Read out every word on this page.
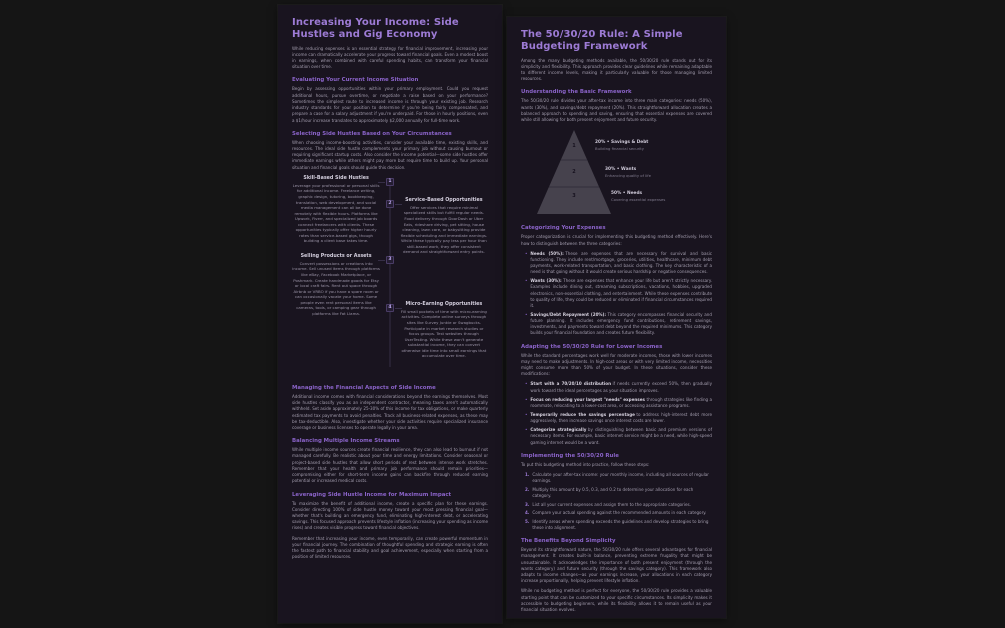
Increasing Your Income: Side Hustles and Gig Economy

While reducing expenses is an essential strategy for financial improvement, increasing your income can dramatically accelerate your progress toward financial goals. Even a modest boost in earnings, when combined with careful spending habits, can transform your financial situation over time.

Evaluating Your Current Income Situation

Begin by assessing opportunities within your primary employment. Could you request additional hours, pursue overtime, or negotiate a raise based on your performance? Sometimes the simplest route to increased income is through your existing job. Research industry standards for your position to determine if you're being fairly compensated, and prepare a case for a salary adjustment if you're underpaid. For those in hourly positions, even a $1/hour increase translates to approximately $2,000 annually for full-time work.

Selecting Side Hustles Based on Your Circumstances

When choosing income-boosting activities, consider your available time, existing skills, and resources. The ideal side hustle complements your primary job without causing burnout or requiring significant startup costs. Also consider the income potential—some side hustles offer immediate earnings while others might pay more but require time to build up. Your personal situation and financial goals should guide this decision.

1
2
3
4
Skill-Based Side Hustles
Leverage your professional or personal skills for additional income. Freelance writing, graphic design, tutoring, bookkeeping, translation, web development, and social media management can all be done remotely with flexible hours. Platforms like Upwork, Fiverr, and specialized job boards connect freelancers with clients. These opportunities typically offer higher hourly rates than service-based gigs, though building a client base takes time.
Service-Based Opportunities
Offer services that require minimal specialized skills but fulfill regular needs. Food delivery through DoorDash or Uber Eats, rideshare driving, pet sitting, house cleaning, lawn care, or babysitting provide flexible scheduling and immediate earnings. While these typically pay less per hour than skill-based work, they offer consistent demand and straightforward entry points.
Selling Products or Assets
Convert possessions or creations into income. Sell unused items through platforms like eBay, Facebook Marketplace, or Poshmark. Create handmade goods for Etsy or local craft fairs. Rent out space through Airbnb or VRBO if you have a spare room or can occasionally vacate your home. Some people even rent personal items like cameras, tools, or camping gear through platforms like Fat Llama.
Micro-Earning Opportunities
Fill small pockets of time with micro-earning activities. Complete online surveys through sites like Survey Junkie or Swagbucks. Participate in market research studies or focus groups. Test websites through UserTesting. While these won't generate substantial income, they can convert otherwise idle time into small earnings that accumulate over time.
Managing the Financial Aspects of Side Income

Additional income comes with financial considerations beyond the earnings themselves. Most side hustles classify you as an independent contractor, meaning taxes aren't automatically withheld. Set aside approximately 25-30% of this income for tax obligations, or make quarterly estimated tax payments to avoid penalties. Track all business-related expenses, as these may be tax-deductible. Also, investigate whether your side activities require specialized insurance coverage or business licenses to operate legally in your area.

Balancing Multiple Income Streams

While multiple income sources create financial resilience, they can also lead to burnout if not managed carefully. Be realistic about your time and energy limitations. Consider seasonal or project-based side hustles that allow short periods of rest between intense work stretches. Remember that your health and primary job performance should remain priorities—compromising either for short-term income gains can backfire through reduced earning potential or increased medical costs.

Leveraging Side Hustle Income for Maximum Impact

To maximize the benefit of additional income, create a specific plan for these earnings. Consider directing 100% of side hustle money toward your most pressing financial goal—whether that's building an emergency fund, eliminating high-interest debt, or accelerating savings. This focused approach prevents lifestyle inflation (increasing your spending as income rises) and creates visible progress toward financial objectives.

Remember that increasing your income, even temporarily, can create powerful momentum in your financial journey. The combination of thoughtful spending and strategic earning is often the fastest path to financial stability and goal achievement, especially when starting from a position of limited resources.

The 50/30/20 Rule: A Simple Budgeting Framework

Among the many budgeting methods available, the 50/30/20 rule stands out for its simplicity and flexibility. This approach provides clear guidelines while remaining adaptable to different income levels, making it particularly valuable for those managing limited resources.

Understanding the Basic Framework

The 50/30/20 rule divides your after-tax income into three main categories: needs (50%), wants (30%), and savings/debt repayment (20%). This straightforward allocation creates a balanced approach to spending and saving, ensuring that essential expenses are covered while still allowing for both present enjoyment and future security.

1
2
3
20% • Savings & Debt
Building financial security
30% • Wants
Enhancing quality of life
50% • Needs
Covering essential expenses
Categorizing Your Expenses

Proper categorization is crucial for implementing this budgeting method effectively. Here's how to distinguish between the three categories:

• Needs (50%): These are expenses that are necessary for survival and basic functioning. They include rent/mortgage, groceries, utilities, healthcare, minimum debt payments, work-related transportation, and basic clothing. The key characteristic of a need is that going without it would create serious hardship or negative consequences.
• Wants (30%): These are expenses that enhance your life but aren't strictly necessary. Examples include dining out, streaming subscriptions, vacations, hobbies, upgraded electronics, non-essential clothing, and entertainment. While these expenses contribute to quality of life, they could be reduced or eliminated if financial circumstances required it.
• Savings/Debt Repayment (20%): This category encompasses financial security and future planning. It includes emergency fund contributions, retirement savings, investments, and payments toward debt beyond the required minimums. This category builds your financial foundation and creates future flexibility.
Adapting the 50/30/20 Rule for Lower Incomes

While the standard percentages work well for moderate incomes, those with lower incomes may need to make adjustments. In high-cost areas or with very limited income, necessities might consume more than 50% of your budget. In these situations, consider these modifications:

• Start with a 70/20/10 distribution if needs currently exceed 50%, then gradually work toward the ideal percentages as your situation improves.
• Focus on reducing your largest "needs" expenses through strategies like finding a roommate, relocating to a lower-cost area, or accessing assistance programs.
• Temporarily reduce the savings percentage to address high-interest debt more aggressively, then increase savings once interest costs are lower.
• Categorize strategically by distinguishing between basic and premium versions of necessary items. For example, basic internet service might be a need, while high-speed gaming internet would be a want.
Implementing the 50/30/20 Rule

To put this budgeting method into practice, follow these steps:

1. Calculate your after-tax income: your monthly income, including all sources of regular earnings.
2. Multiply this amount by 0.5, 0.3, and 0.2 to determine your allocation for each category.
3. List all your current expenses and assign them to the appropriate categories.
4. Compare your actual spending against the recommended amounts in each category.
5. Identify areas where spending exceeds the guidelines and develop strategies to bring these into alignment.
The Benefits Beyond Simplicity

Beyond its straightforward nature, the 50/30/20 rule offers several advantages for financial management. It creates built-in balance, preventing extreme frugality that might be unsustainable. It acknowledges the importance of both present enjoyment (through the wants category) and future security (through the savings category). This framework also adapts to income changes—as your earnings increase, your allocations in each category increase proportionally, helping prevent lifestyle inflation.

While no budgeting method is perfect for everyone, the 50/30/20 rule provides a valuable starting point that can be customized to your specific circumstances. Its simplicity makes it accessible to budgeting beginners, while its flexibility allows it to remain useful as your financial situation evolves.
